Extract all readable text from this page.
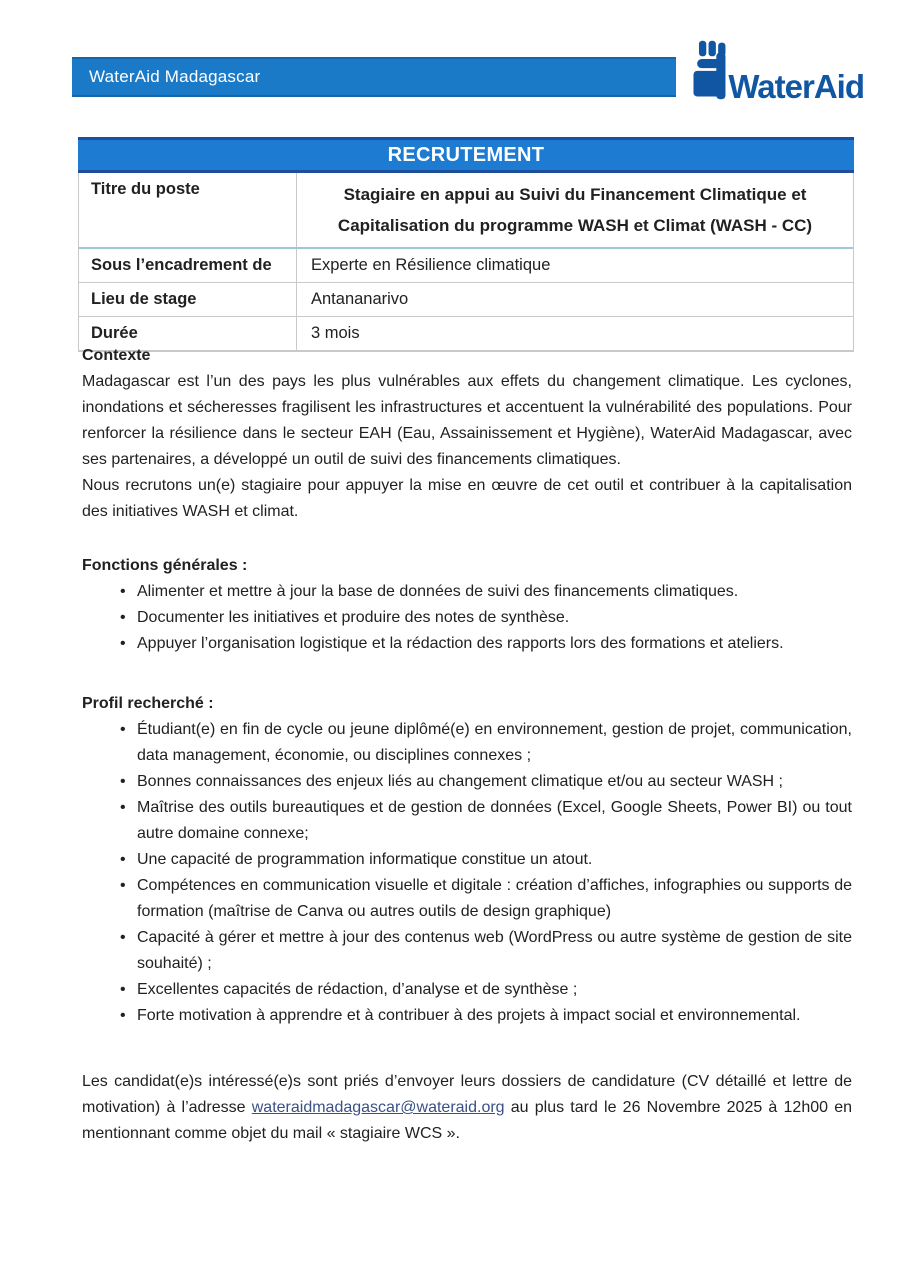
WaterAid Madagascar	WaterAid
RECRUTEMENT
Titre du poste	Stagiaire en appui au Suivi du Financement Climatique et Capitalisation du programme WASH et Climat (WASH - CC)
Sous l’encadrement de	Experte en Résilience climatique
Lieu de stage	Antananarivo
Durée	3 mois
Contexte

Madagascar est l’un des pays les plus vulnérables aux effets du changement climatique. Les cyclones, inondations et sécheresses fragilisent les infrastructures et accentuent la vulnérabilité des populations. Pour renforcer la résilience dans le secteur EAH (Eau, Assainissement et Hygiène), WaterAid Madagascar, avec ses partenaires, a développé un outil de suivi des financements climatiques.

Nous recrutons un(e) stagiaire pour appuyer la mise en œuvre de cet outil et contribuer à la capitalisation des initiatives WASH et climat.

Fonctions générales :
• Alimenter et mettre à jour la base de données de suivi des financements climatiques.
• Documenter les initiatives et produire des notes de synthèse.
• Appuyer l’organisation logistique et la rédaction des rapports lors des formations et ateliers.
Profil recherché :
• Étudiant(e) en fin de cycle ou jeune diplômé(e) en environnement, gestion de projet, communication, data management, économie, ou disciplines connexes ;
• Bonnes connaissances des enjeux liés au changement climatique et/ou au secteur WASH ;
• Maîtrise des outils bureautiques et de gestion de données (Excel, Google Sheets, Power BI) ou tout autre domaine connexe;
• Une capacité de programmation informatique constitue un atout.
• Compétences en communication visuelle et digitale : création d’affiches, infographies ou supports de formation (maîtrise de Canva ou autres outils de design graphique)
• Capacité à gérer et mettre à jour des contenus web (WordPress ou autre système de gestion de site souhaité) ;
• Excellentes capacités de rédaction, d’analyse et de synthèse ;
• Forte motivation à apprendre et à contribuer à des projets à impact social et environnemental.

Les candidat(e)s intéressé(e)s sont priés d’envoyer leurs dossiers de candidature (CV détaillé et lettre de motivation) à l’adresse wateraidmadagascar@wateraid.org au plus tard le 26 Novembre 2025 à 12h00 en mentionnant comme objet du mail « stagiaire WCS ».
